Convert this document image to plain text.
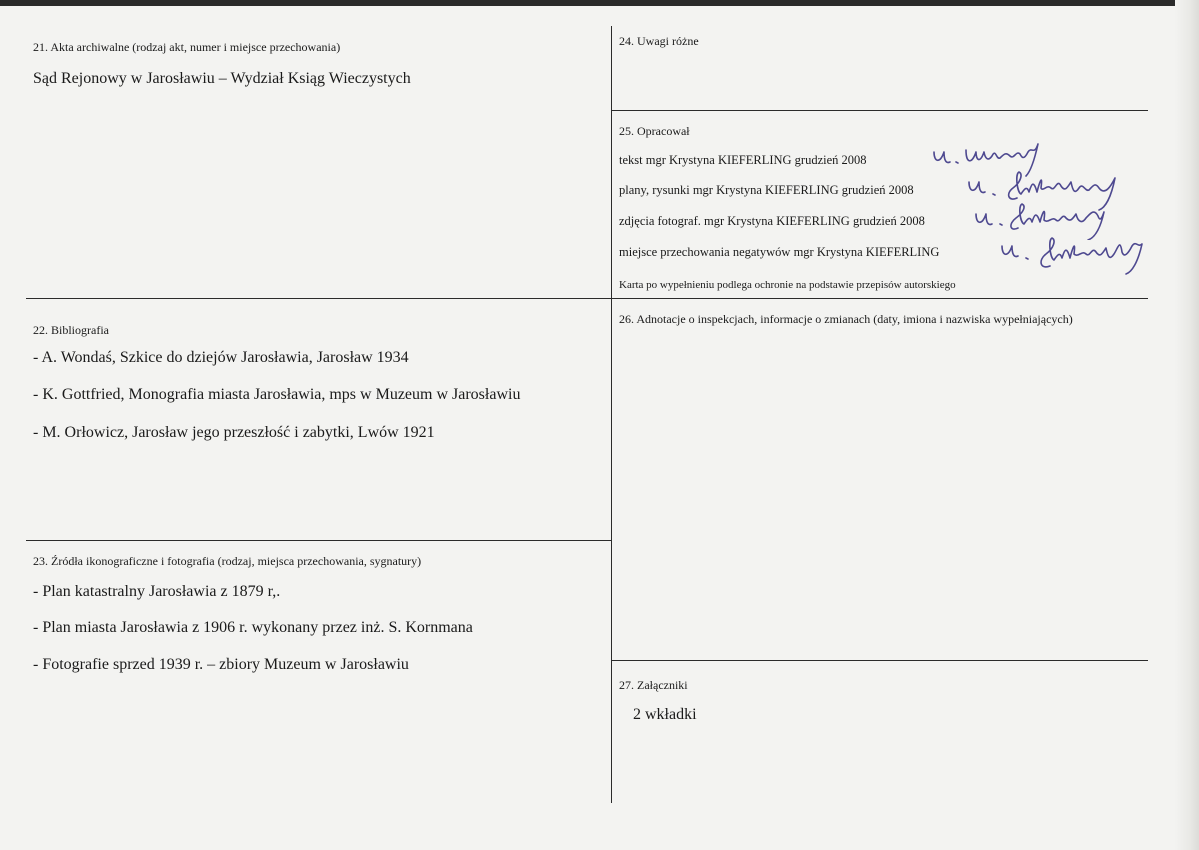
21. Akta archiwalne (rodzaj akt, numer i miejsce przechowania)
Sąd Rejonowy w Jarosławiu – Wydział Ksiąg Wieczystych
22. Bibliografia
- A. Wondaś, Szkice do dziejów Jarosławia, Jarosław 1934
- K. Gottfried, Monografia miasta Jarosławia, mps w Muzeum w Jarosławiu
- M. Orłowicz, Jarosław jego przeszłość i zabytki, Lwów 1921
23. Źródła ikonograficzne i fotografia (rodzaj, miejsca przechowania, sygnatury)
- Plan katastralny Jarosławia z 1879 r,.
- Plan miasta Jarosławia z 1906 r. wykonany przez inż. S. Kornmana
- Fotografie sprzed 1939 r. – zbiory Muzeum w Jarosławiu
24. Uwagi różne
25. Opracował
tekst mgr Krystyna KIEFERLING grudzień 2008
plany, rysunki mgr Krystyna KIEFERLING grudzień 2008
zdjęcia fotograf. mgr Krystyna KIEFERLING grudzień 2008
miejsce przechowania negatywów mgr Krystyna KIEFERLING
Karta po wypełnieniu podlega ochronie na podstawie przepisów autorskiego
26. Adnotacje o inspekcjach, informacje o zmianach (daty, imiona i nazwiska wypełniających)
27. Załączniki
2 wkładki
